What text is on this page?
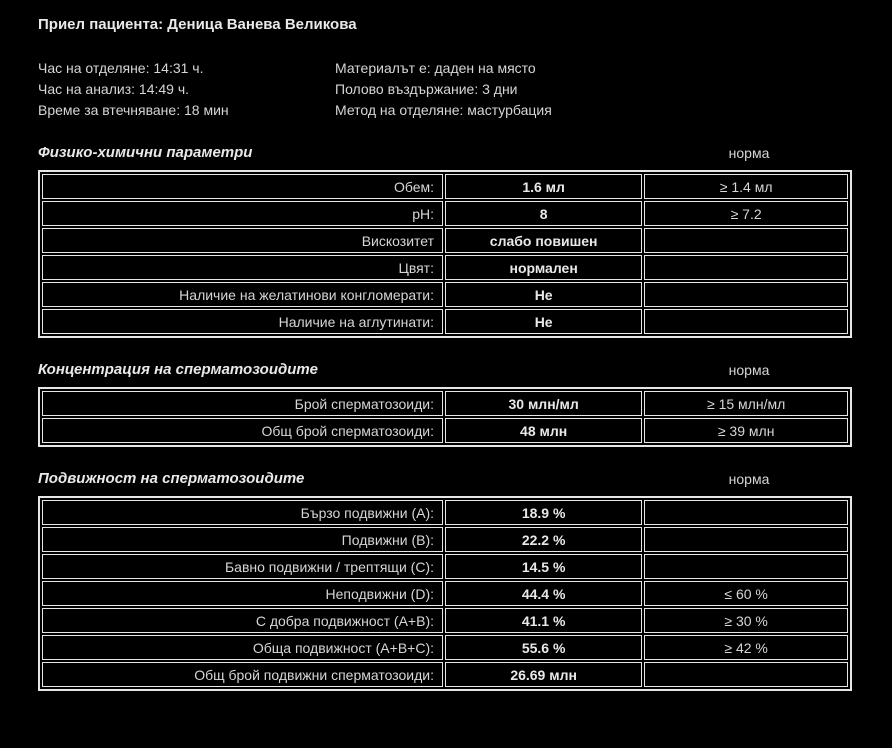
Приел пациента: Деница Ванева Великова
Час на отделяне: 14:31 ч.
Час на анализ: 14:49 ч.
Време за втечняване: 18 мин
Материалът е: даден на място
Полово въздържание: 3 дни
Метод на отделяне: мастурбация
Физико-химични параметри	норма
Обем:	1.6 мл	≥ 1.4 мл
pH:	8	≥ 7.2
Вискозитет	слабо повишен	
Цвят:	нормален	
Наличие на желатинови конгломерати:	Не	
Наличие на аглутинати:	Не	
Концентрация на сперматозоидите	норма
Брой сперматозоиди:	30 млн/мл	≥ 15 млн/мл
Общ брой сперматозоиди:	48 млн	≥ 39 млн
Подвижност на сперматозоидите	норма
Бързо подвижни (A):	18.9 %	
Подвижни (B):	22.2 %	
Бавно подвижни / трептящи (C):	14.5 %	
Неподвижни (D):	44.4 %	≤ 60 %
С добра подвижност (A+B):	41.1 %	≥ 30 %
Обща подвижност (A+B+C):	55.6 %	≥ 42 %
Общ брой подвижни сперматозоиди:	26.69 млн	
